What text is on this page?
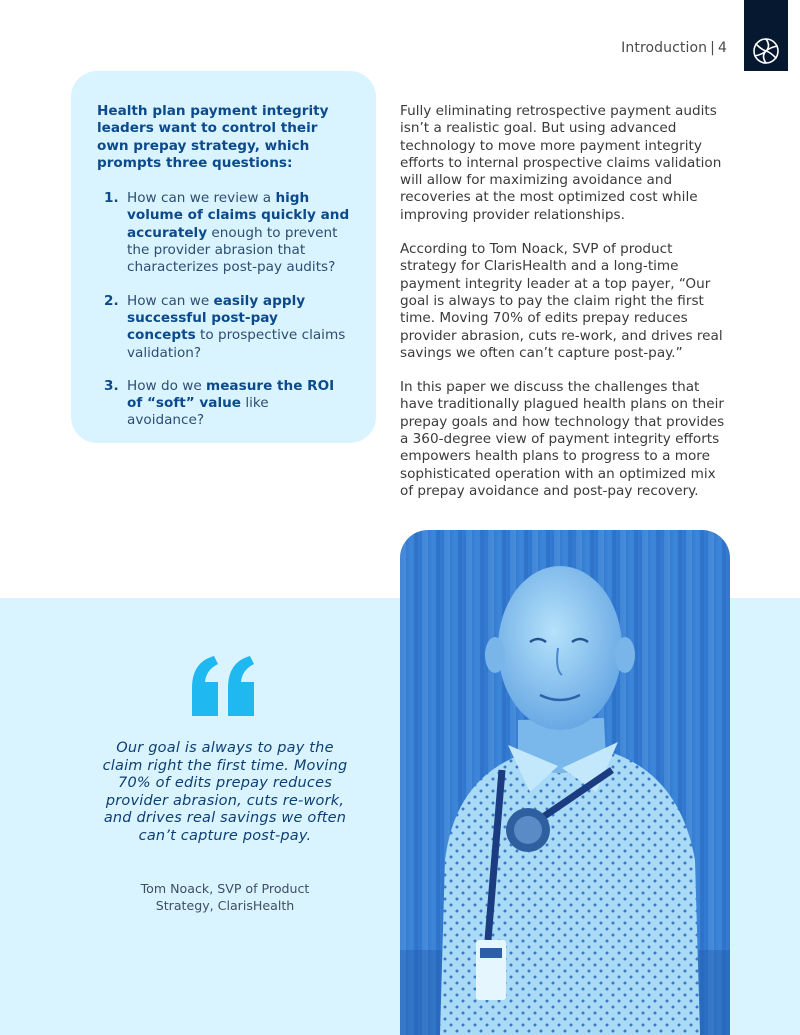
Introduction | 4
Health plan payment integrity leaders want to control their own prepay strategy, which prompts three questions:
1. How can we review a high volume of claims quickly and accurately enough to prevent the provider abrasion that characterizes post-pay audits?
2. How can we easily apply successful post-pay concepts to prospective claims validation?
3. How do we measure the ROI of “soft” value like avoidance?

Fully eliminating retrospective payment audits isn’t a realistic goal. But using advanced technology to move more payment integrity efforts to internal prospective claims validation will allow for maximizing avoidance and recoveries at the most optimized cost while improving provider relationships.

According to Tom Noack, SVP of product strategy for ClarisHealth and a long-time payment integrity leader at a top payer, “Our goal is always to pay the claim right the first time. Moving 70% of edits prepay reduces provider abrasion, cuts re-work, and drives real savings we often can’t capture post-pay.”

In this paper we discuss the challenges that have traditionally plagued health plans on their prepay goals and how technology that provides a 360-degree view of payment integrity efforts empowers health plans to progress to a more sophisticated operation with an optimized mix of prepay avoidance and post-pay recovery.

Our goal is always to pay the claim right the first time. Moving 70% of edits prepay reduces provider abrasion, cuts re-work, and drives real savings we often can’t capture post-pay.
Tom Noack, SVP of Product Strategy, ClarisHealth
